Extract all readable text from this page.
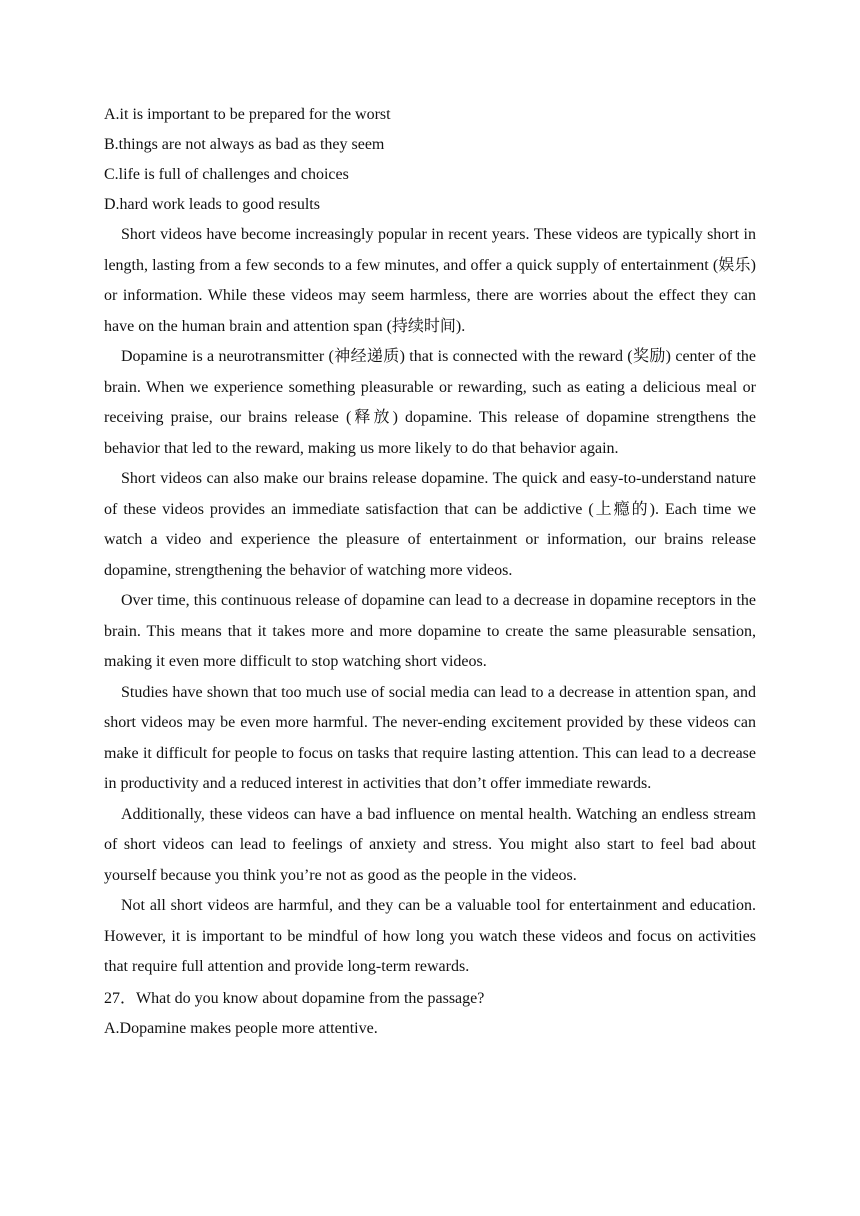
A.it is important to be prepared for the worst
B.things are not always as bad as they seem
C.life is full of challenges and choices
D.hard work leads to good results

Short videos have become increasingly popular in recent years. These videos are typically short in length, lasting from a few seconds to a few minutes, and offer a quick supply of entertainment (娱乐) or information. While these videos may seem harmless, there are worries about the effect they can have on the human brain and attention span (持续时间).

Dopamine is a neurotransmitter (神经递质) that is connected with the reward (奖励) center of the brain. When we experience something pleasurable or rewarding, such as eating a delicious meal or receiving praise, our brains release (释放) dopamine. This release of dopamine strengthens the behavior that led to the reward, making us more likely to do that behavior again.

Short videos can also make our brains release dopamine. The quick and easy-to-understand nature of these videos provides an immediate satisfaction that can be addictive (上瘾的). Each time we watch a video and experience the pleasure of entertainment or information, our brains release dopamine, strengthening the behavior of watching more videos.

Over time, this continuous release of dopamine can lead to a decrease in dopamine receptors in the brain. This means that it takes more and more dopamine to create the same pleasurable sensation, making it even more difficult to stop watching short videos.

Studies have shown that too much use of social media can lead to a decrease in attention span, and short videos may be even more harmful. The never-ending excitement provided by these videos can make it difficult for people to focus on tasks that require lasting attention. This can lead to a decrease in productivity and a reduced interest in activities that don’t offer immediate rewards.

Additionally, these videos can have a bad influence on mental health. Watching an endless stream of short videos can lead to feelings of anxiety and stress. You might also start to feel bad about yourself because you think you’re not as good as the people in the videos.

Not all short videos are harmful, and they can be a valuable tool for entertainment and education. However, it is important to be mindful of how long you watch these videos and focus on activities that require full attention and provide long-term rewards.

27．What do you know about dopamine from the passage?
A.Dopamine makes people more attentive.
